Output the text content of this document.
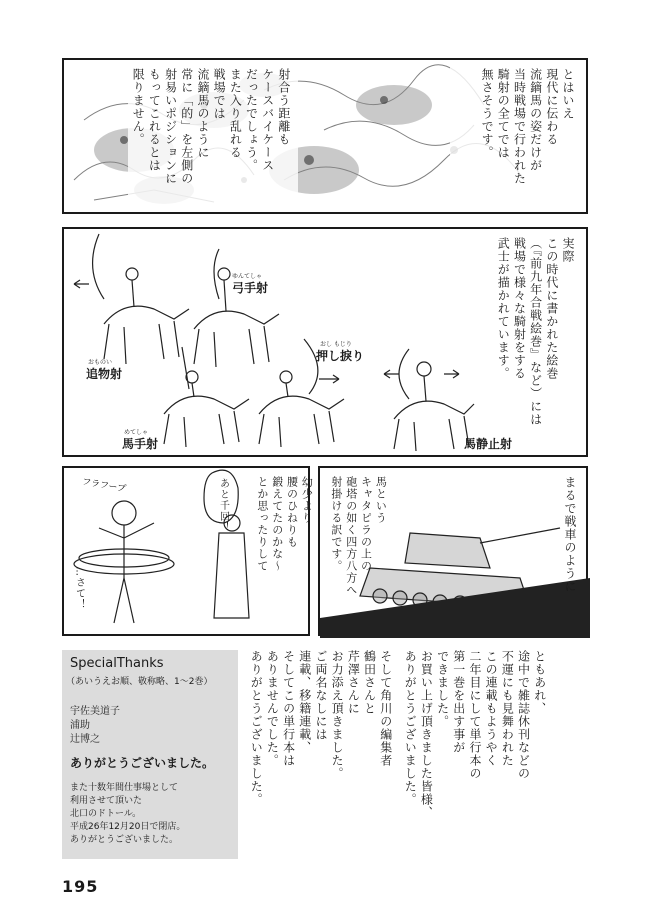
とはいえ
現代に伝わる
流鏑馬の姿だけが
当時戦場で行われた
騎射の全てでは
無さそうです。
射合う距離も
ケースバイケース
だったでしょう。
また入り乱れる
戦場では
流鏑馬のように
常に「的」を左側の
射易いポジションに
もってこれるとは
限りません。
実際
この時代に書かれた絵巻
（『前九年合戦絵巻』など）には
戦場で様々な騎射をする
武士が描かれています。
ゆんてしゃ
弓手射
おし もじり
押し捩り
おものい
追物射
めてしゃ
馬手射	馬静止射
フラフープ	あと千回！	幼少より
腰のひねりも
鍛えてたのかな〜
とか思ったりして
…さて！	まるで戦車のように
馬という
キャタピラの上の
砲塔の如く四方八方へ
射掛ける訳です。
ともあれ、
途中で雑誌休刊などの
不運にも見舞われた
この連載もようやく
二年目にして単行本の
第一巻を出す事が
できました。
お買い上げ頂きました皆様、
ありがとうございました。
そして角川の編集者
鶴田さんと
芹澤さんに
お力添え頂きました。
ご両名なしには
連載、移籍連載、
そしてこの単行本は
ありませんでした。
ありがとうございました。
SpecialThanks
（あいうえお順、敬称略、1〜2巻）
宇佐美道子
浦助
辻博之
ありがとうございました。
また十数年間仕事場として
利用させて頂いた
北口のドトール。
平成26年12月20日で閉店。
ありがとうございました。
195
